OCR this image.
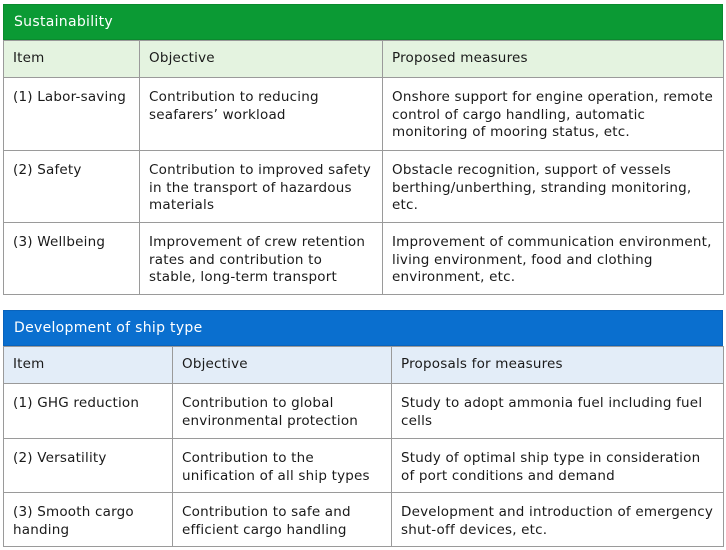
Sustainability
Item	Objective	Proposed measures
(1) Labor-saving	Contribution to reducing seafarers’ workload	Onshore support for engine operation, remote control of cargo handling, automatic monitoring of mooring status, etc.
(2) Safety	Contribution to improved safety in the transport of hazardous materials	Obstacle recognition, support of vessels berthing/unberthing, stranding monitoring, etc.
(3) Wellbeing	Improvement of crew retention rates and contribution to stable, long-term transport	Improvement of communication environment, living environment, food and clothing environment, etc.
Development of ship type
Item	Objective	Proposals for measures
(1) GHG reduction	Contribution to global environmental protection	Study to adopt ammonia fuel including fuel cells
(2) Versatility	Contribution to the unification of all ship types	Study of optimal ship type in consideration of port conditions and demand
(3) Smooth cargo handing	Contribution to safe and efficient cargo handling	Development and introduction of emergency shut-off devices, etc.
